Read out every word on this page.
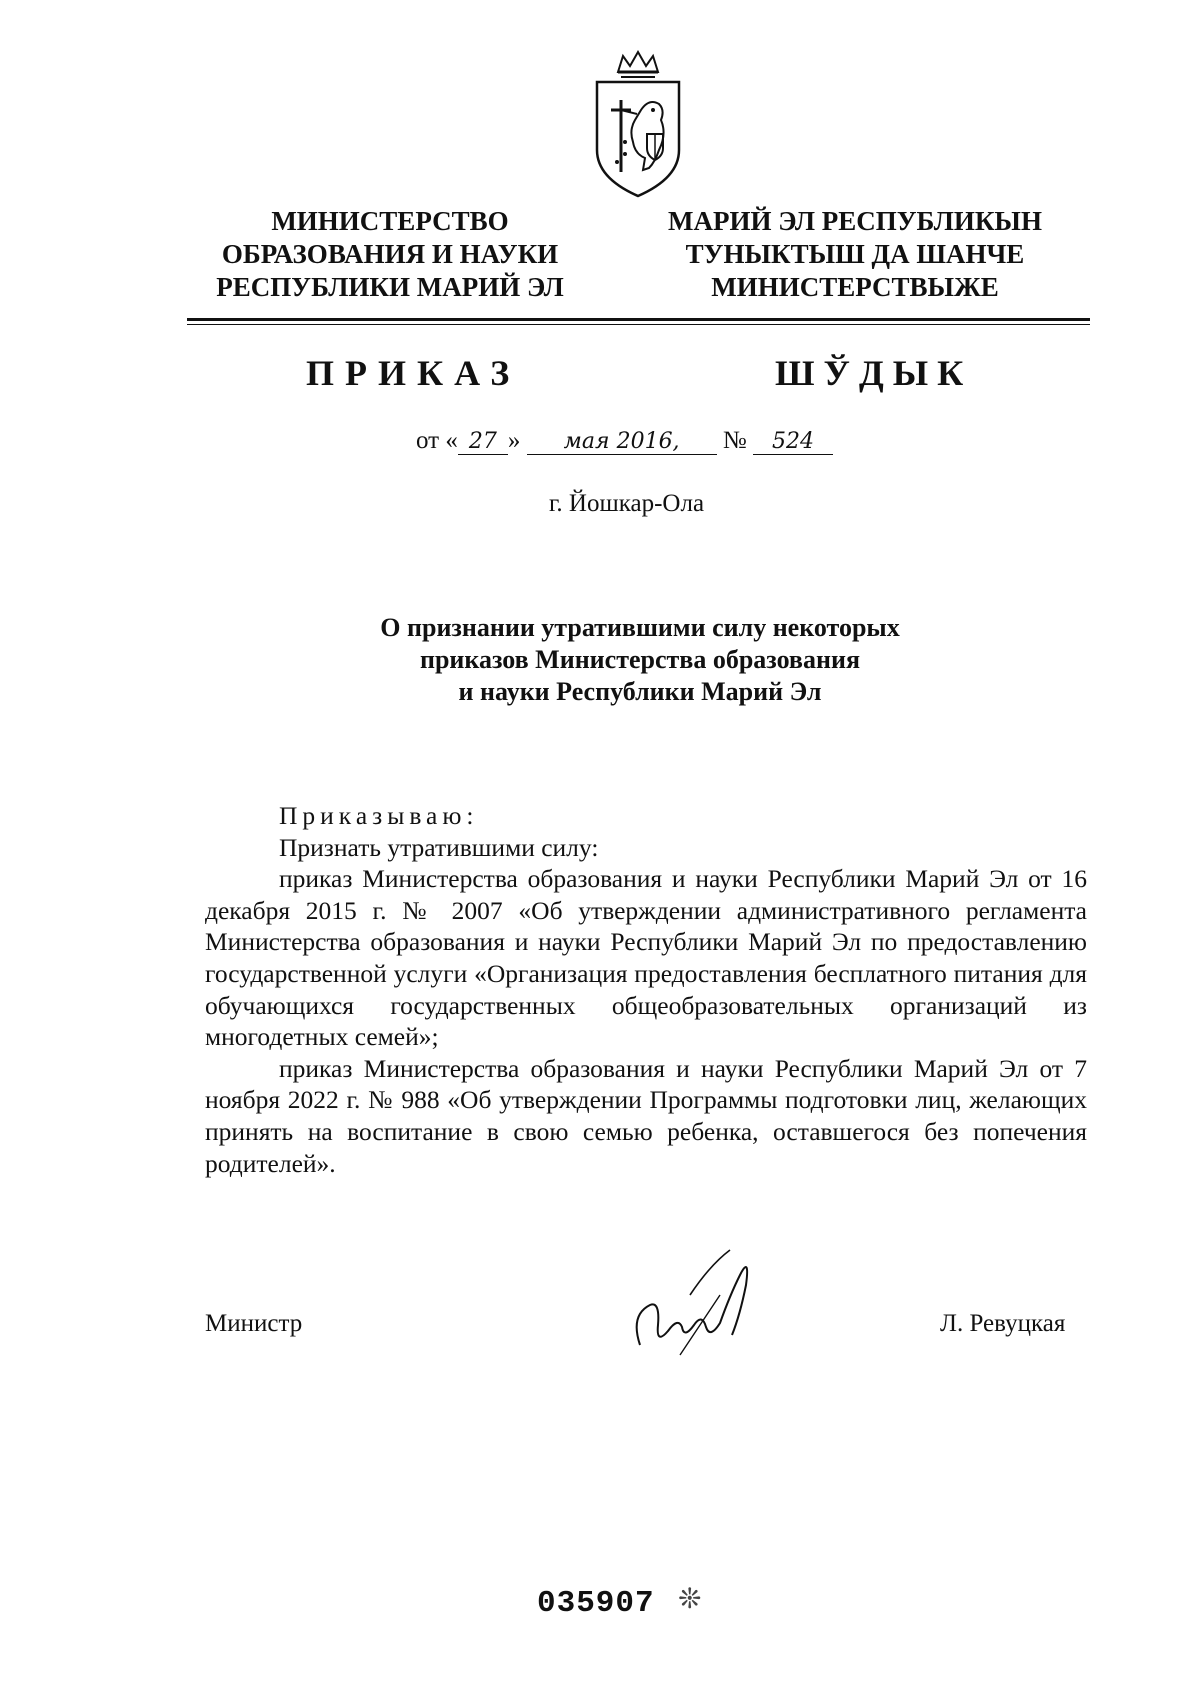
МИНИСТЕРСТВО
ОБРАЗОВАНИЯ И НАУКИ
РЕСПУБЛИКИ МАРИЙ ЭЛ
МАРИЙ ЭЛ РЕСПУБЛИКЫН
ТУНЫКТЫШ ДА ШАНЧЕ
МИНИСТЕРСТВЫЖЕ
ПРИКАЗ	ШЎДЫК
от « 27 » мая 2016, № 524
г. Йошкар-Ола
О признании утратившими силу некоторых
приказов Министерства образования
и науки Республики Марий Эл

Приказываю:

Признать утратившими силу:

приказ Министерства образования и науки Республики Марий Эл от 16 декабря 2015 г. № 2007 «Об утверждении административного регламента Министерства образования и науки Республики Марий Эл по предоставлению государственной услуги «Организация предоставления бесплатного питания для обучающихся государственных общеобразовательных организаций из многодетных семей»;

приказ Министерства образования и науки Республики Марий Эл от 7 ноября 2022 г. № 988 «Об утверждении Программы подготовки лиц, желающих принять на воспитание в свою семью ребенка, оставшегося без попечения родителей».

Министр	Л. Ревуцкая
035907 ❊
